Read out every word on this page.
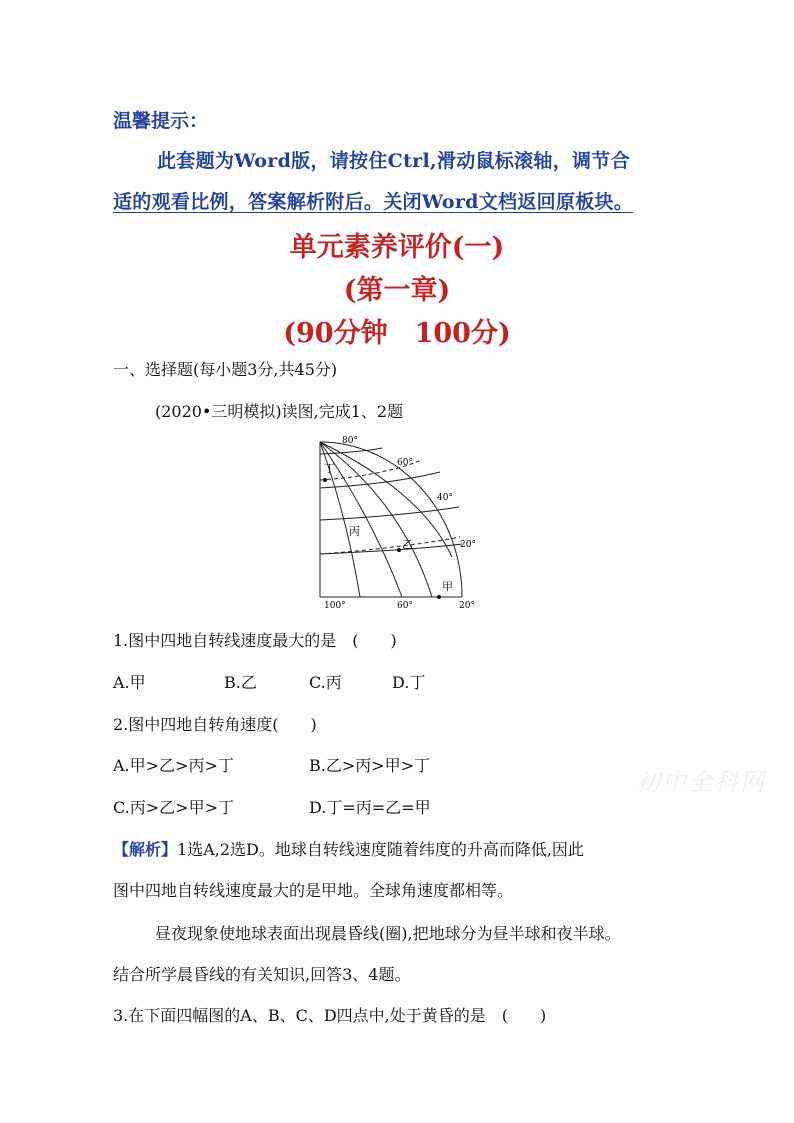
温馨提示：
此套题为Word版，请按住Ctrl,滑动鼠标滚轴，调节合
适的观看比例，答案解析附后。关闭Word文档返回原板块。
单元素养评价(一)
(第一章)
(90分钟　100分)
一、选择题(每小题3分,共45分)
(2020•三明模拟)读图,完成1、2题
80°
60°
40°
20°
100°	60°	20°
丁
丙
乙
甲
1.图中四地自转线速度最大的是　(　　)
A.甲	B.乙	C.丙	D.丁
2.图中四地自转角速度(　　)
A.甲>乙>丙>丁	B.乙>丙>甲>丁
C.丙>乙>甲>丁	D.丁=丙=乙=甲
【解析】1选A,2选D。地球自转线速度随着纬度的升高而降低,因此
图中四地自转线速度最大的是甲地。全球角速度都相等。
昼夜现象使地球表面出现晨昏线(圈),把地球分为昼半球和夜半球。
结合所学晨昏线的有关知识,回答3、4题。
3.在下面四幅图的A、B、C、D四点中,处于黄昏的是　(　　)
初中全科网
